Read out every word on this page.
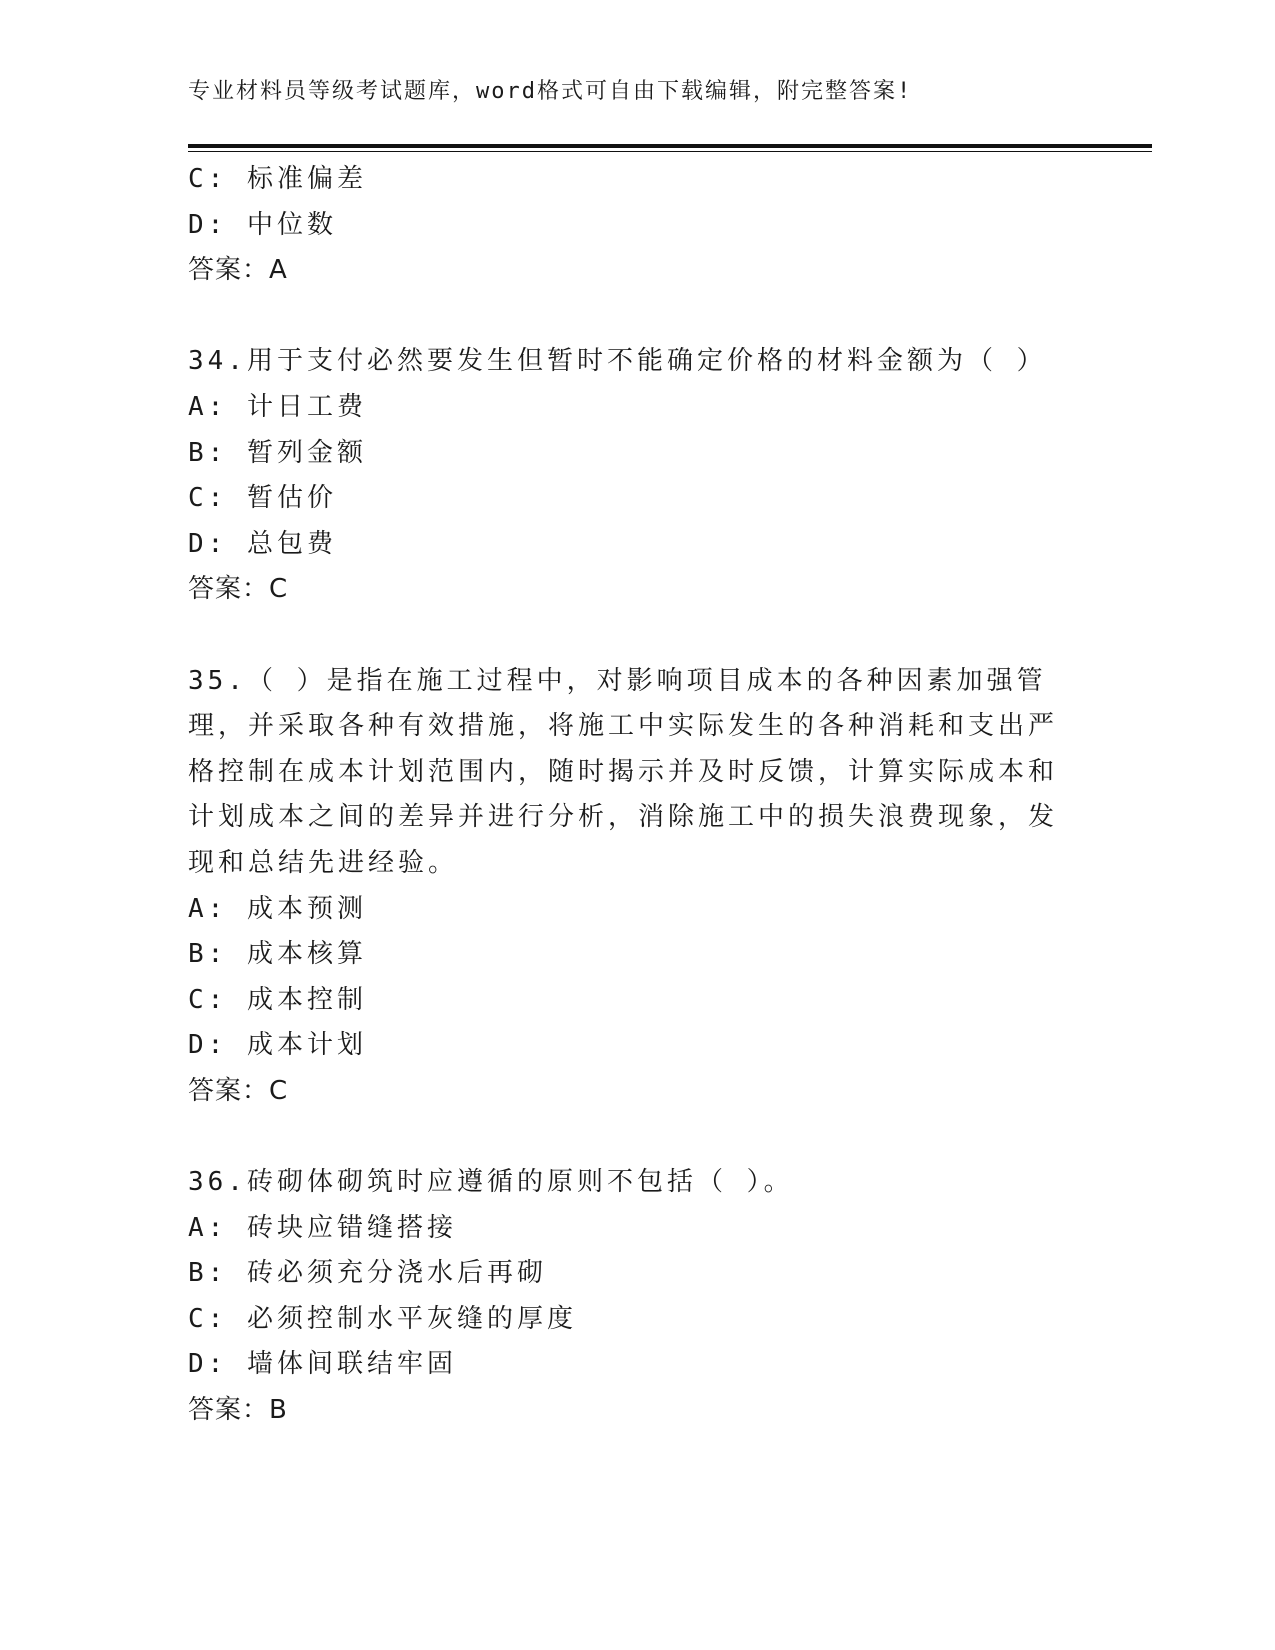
专业材料员等级考试题库，word格式可自由下载编辑，附完整答案!
C: 标准偏差
D: 中位数
答案：A
34.用于支付必然要发生但暂时不能确定价格的材料金额为（ ）
A: 计日工费
B: 暂列金额
C: 暂估价
D: 总包费
答案：C
35.（ ）是指在施工过程中，对影响项目成本的各种因素加强管理，并采取各种有效措施，将施工中实际发生的各种消耗和支出严格控制在成本计划范围内，随时揭示并及时反馈，计算实际成本和计划成本之间的差异并进行分析，消除施工中的损失浪费现象，发现和总结先进经验。
A: 成本预测
B: 成本核算
C: 成本控制
D: 成本计划
答案：C
36.砖砌体砌筑时应遵循的原则不包括（ ）。
A: 砖块应错缝搭接
B: 砖必须充分浇水后再砌
C: 必须控制水平灰缝的厚度
D: 墙体间联结牢固
答案：B
